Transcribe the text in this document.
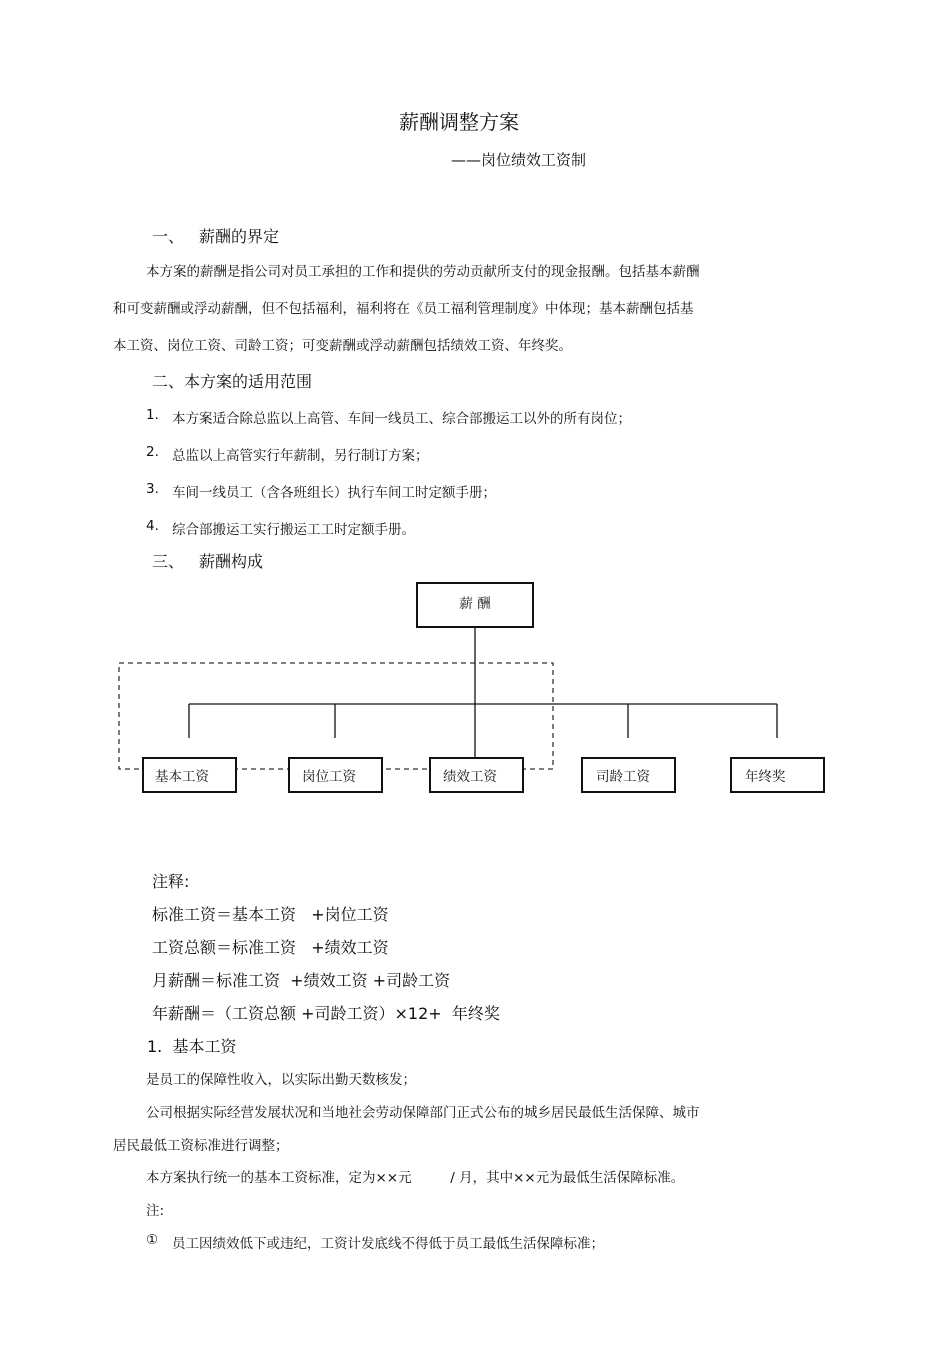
薪酬调整方案
——岗位绩效工资制
一、 薪酬的界定
本方案的薪酬是指公司对员工承担的工作和提供的劳动贡献所支付的现金报酬。包括基本薪酬
和可变薪酬或浮动薪酬，但不包括福利，福利将在《员工福利管理制度》中体现；基本薪酬包括基
本工资、岗位工资、司龄工资；可变薪酬或浮动薪酬包括绩效工资、年终奖。
二、本方案的适用范围
1. 本方案适合除总监以上高管、车间一线员工、综合部搬运工以外的所有岗位；
2. 总监以上高管实行年薪制，另行制订方案；
3. 车间一线员工（含各班组长）执行车间工时定额手册；
4. 综合部搬运工实行搬运工工时定额手册。
三、 薪酬构成
薪 酬
基本工资	岗位工资	绩效工资	司龄工资	年终奖
注释:
标准工资＝基本工资   +岗位工资
工资总额＝标准工资   +绩效工资
月薪酬＝标准工资  +绩效工资 +司龄工资
年薪酬＝（工资总额 +司龄工资）×12+  年终奖
1.  基本工资
是员工的保障性收入，以实际出勤天数核发；
公司根据实际经营发展状况和当地社会劳动保障部门正式公布的城乡居民最低生活保障、城市
居民最低工资标准进行调整；
本方案执行统一的基本工资标准，定为××元         / 月，其中××元为最低生活保障标准。
注:
① 员工因绩效低下或违纪，工资计发底线不得低于员工最低生活保障标准；
